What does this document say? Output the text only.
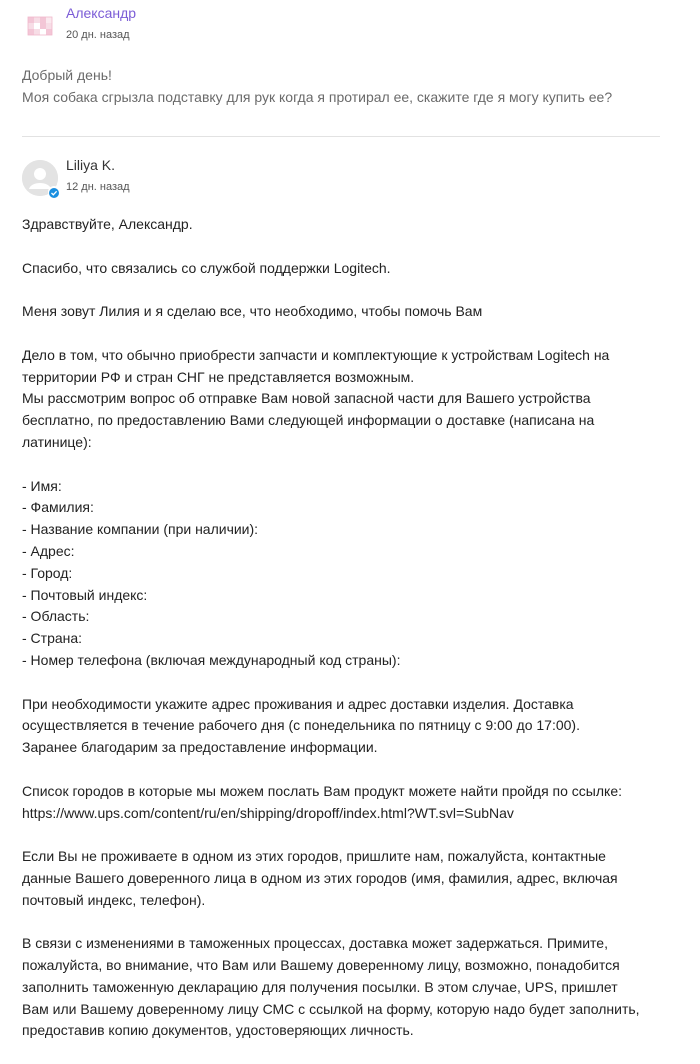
Александр
20 дн. назад

Добрый день!

Моя собака сгрызла подставку для рук когда я протирал ее, скажите где я могу купить ее?

Liliya K.
12 дн. назад

Здравствуйте, Александр.

Спасибо, что связались со службой поддержки Logitech.

Меня зовут Лилия и я сделаю все, что необходимо, чтобы помочь Вам

Дело в том, что обычно приобрести запчасти и комплектующие к устройствам Logitech на
территории РФ и стран СНГ не представляется возможным.
Мы рассмотрим вопрос об отправке Вам новой запасной части для Вашего устройства
бесплатно, по предоставлению Вами следующей информации о доставке (написана на
латинице):

- Имя:
- Фамилия:
- Название компании (при наличии):
- Адрес:
- Город:
- Почтовый индекс:
- Область:
- Страна:
- Номер телефона (включая международный код страны):

При необходимости укажите адрес проживания и адрес доставки изделия. Доставка
осуществляется в течение рабочего дня (с понедельника по пятницу с 9:00 до 17:00).
Заранее благодарим за предоставление информации.

Список городов в которые мы можем послать Вам продукт можете найти пройдя по ссылке:
https://www.ups.com/content/ru/en/shipping/dropoff/index.html?WT.svl=SubNav

Если Вы не проживаете в одном из этих городов, пришлите нам, пожалуйста, контактные
данные Вашего доверенного лица в одном из этих городов (имя, фамилия, адрес, включая
почтовый индекс, телефон).

В связи с изменениями в таможенных процессах, доставка может задержаться. Примите,
пожалуйста, во внимание, что Вам или Вашему доверенному лицу, возможно, понадобится
заполнить таможенную декларацию для получения посылки. В этом случае, UPS, пришлет
Вам или Вашему доверенному лицу СМС с ссылкой на форму, которую надо будет заполнить,
предоставив копию документов, удостоверяющих личность.
